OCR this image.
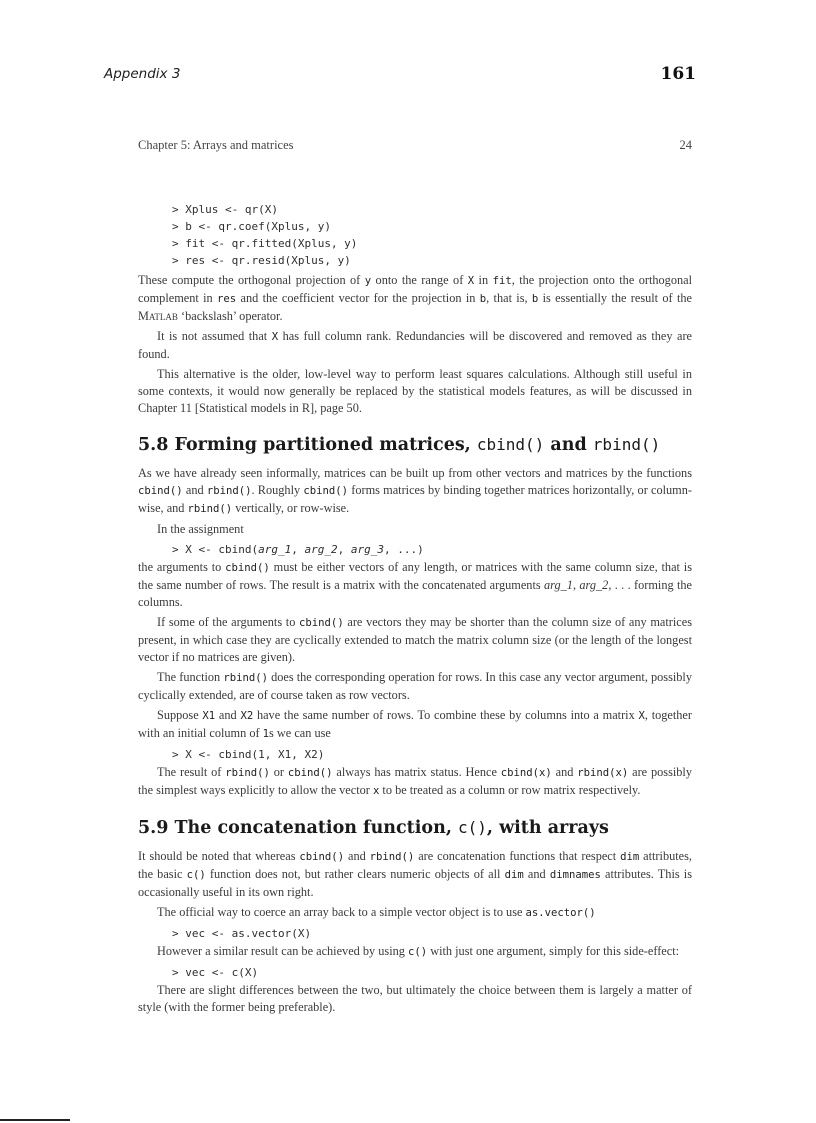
Appendix 3	161
Chapter 5: Arrays and matrices	24
> Xplus <- qr(X)
> b <- qr.coef(Xplus, y)
> fit <- qr.fitted(Xplus, y)
> res <- qr.resid(Xplus, y)

These compute the orthogonal projection of y onto the range of X in fit, the projection onto the orthogonal complement in res and the coefficient vector for the projection in b, that is, b is essentially the result of the Matlab ‘backslash’ operator.

It is not assumed that X has full column rank. Redundancies will be discovered and removed as they are found.

This alternative is the older, low-level way to perform least squares calculations. Although still useful in some contexts, it would now generally be replaced by the statistical models features, as will be discussed in Chapter 11 [Statistical models in R], page 50.

5.8 Forming partitioned matrices, cbind() and rbind()

As we have already seen informally, matrices can be built up from other vectors and matrices by the functions cbind() and rbind(). Roughly cbind() forms matrices by binding together matrices horizontally, or column-wise, and rbind() vertically, or row-wise.

In the assignment

> X <- cbind(arg_1, arg_2, arg_3, ...)

the arguments to cbind() must be either vectors of any length, or matrices with the same column size, that is the same number of rows. The result is a matrix with the concatenated arguments arg_1, arg_2, . . . forming the columns.

If some of the arguments to cbind() are vectors they may be shorter than the column size of any matrices present, in which case they are cyclically extended to match the matrix column size (or the length of the longest vector if no matrices are given).

The function rbind() does the corresponding operation for rows. In this case any vector argument, possibly cyclically extended, are of course taken as row vectors.

Suppose X1 and X2 have the same number of rows. To combine these by columns into a matrix X, together with an initial column of 1s we can use

> X <- cbind(1, X1, X2)

The result of rbind() or cbind() always has matrix status. Hence cbind(x) and rbind(x) are possibly the simplest ways explicitly to allow the vector x to be treated as a column or row matrix respectively.

5.9 The concatenation function, c(), with arrays

It should be noted that whereas cbind() and rbind() are concatenation functions that respect dim attributes, the basic c() function does not, but rather clears numeric objects of all dim and dimnames attributes. This is occasionally useful in its own right.

The official way to coerce an array back to a simple vector object is to use as.vector()

> vec <- as.vector(X)

However a similar result can be achieved by using c() with just one argument, simply for this side-effect:

> vec <- c(X)

There are slight differences between the two, but ultimately the choice between them is largely a matter of style (with the former being preferable).
